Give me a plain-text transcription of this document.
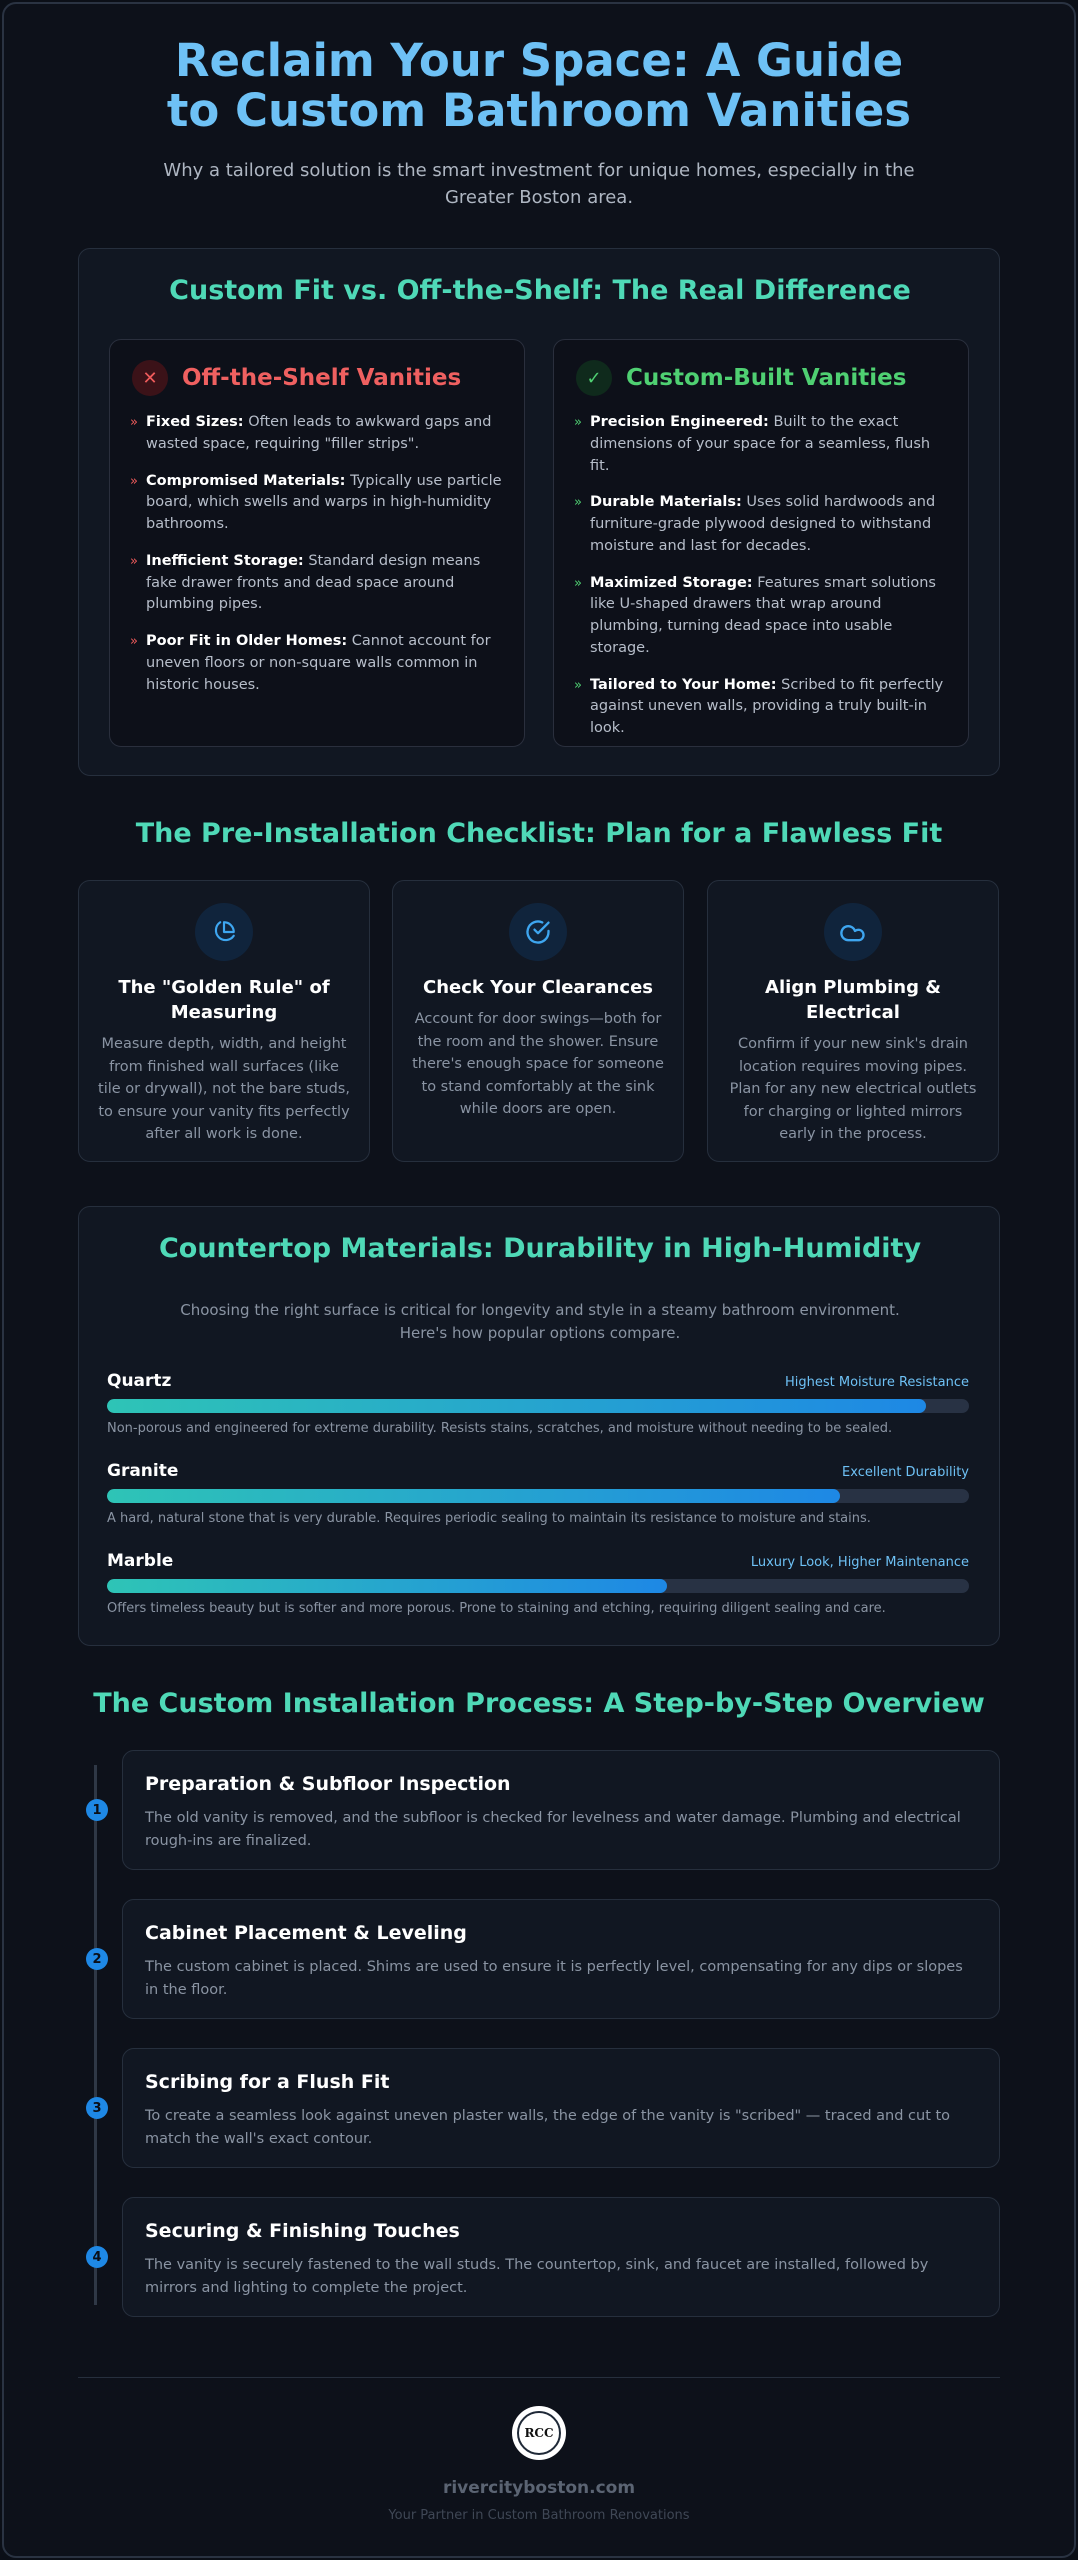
Reclaim Your Space: A Guide to Custom Bathroom Vanities
Why a tailored solution is the smart investment for unique homes, especially in the Greater Boston area.
Custom Fit vs. Off-the-Shelf: The Real Difference
✕	Off-the-Shelf Vanities
» Fixed Sizes: Often leads to awkward gaps and wasted space, requiring "filler strips".
» Compromised Materials: Typically use particle board, which swells and warps in high-humidity bathrooms.
» Inefficient Storage: Standard design means fake drawer fronts and dead space around plumbing pipes.
» Poor Fit in Older Homes: Cannot account for uneven floors or non-square walls common in historic houses.
✓	Custom-Built Vanities
» Precision Engineered: Built to the exact dimensions of your space for a seamless, flush fit.
» Durable Materials: Uses solid hardwoods and furniture-grade plywood designed to withstand moisture and last for decades.
» Maximized Storage: Features smart solutions like U-shaped drawers that wrap around plumbing, turning dead space into usable storage.
» Tailored to Your Home: Scribed to fit perfectly against uneven walls, providing a truly built-in look.
The Pre-Installation Checklist: Plan for a Flawless Fit
The "Golden Rule" of Measuring
Measure depth, width, and height from finished wall surfaces (like tile or drywall), not the bare studs, to ensure your vanity fits perfectly after all work is done.
Check Your Clearances
Account for door swings—both for the room and the shower. Ensure there's enough space for someone to stand comfortably at the sink while doors are open.
Align Plumbing & Electrical
Confirm if your new sink's drain location requires moving pipes. Plan for any new electrical outlets for charging or lighted mirrors early in the process.
Countertop Materials: Durability in High-Humidity
Choosing the right surface is critical for longevity and style in a steamy bathroom environment. Here's how popular options compare.
Quartz	Highest Moisture Resistance
Non-porous and engineered for extreme durability. Resists stains, scratches, and moisture without needing to be sealed.
Granite	Excellent Durability
A hard, natural stone that is very durable. Requires periodic sealing to maintain its resistance to moisture and stains.
Marble	Luxury Look, Higher Maintenance
Offers timeless beauty but is softer and more porous. Prone to staining and etching, requiring diligent sealing and care.
The Custom Installation Process: A Step-by-Step Overview
1
Preparation & Subfloor Inspection
The old vanity is removed, and the subfloor is checked for levelness and water damage. Plumbing and electrical rough-ins are finalized.
2
Cabinet Placement & Leveling
The custom cabinet is placed. Shims are used to ensure it is perfectly level, compensating for any dips or slopes in the floor.
3
Scribing for a Flush Fit
To create a seamless look against uneven plaster walls, the edge of the vanity is "scribed" — traced and cut to match the wall's exact contour.
4
Securing & Finishing Touches
The vanity is securely fastened to the wall studs. The countertop, sink, and faucet are installed, followed by mirrors and lighting to complete the project.
RCC
rivercityboston.com
Your Partner in Custom Bathroom Renovations
